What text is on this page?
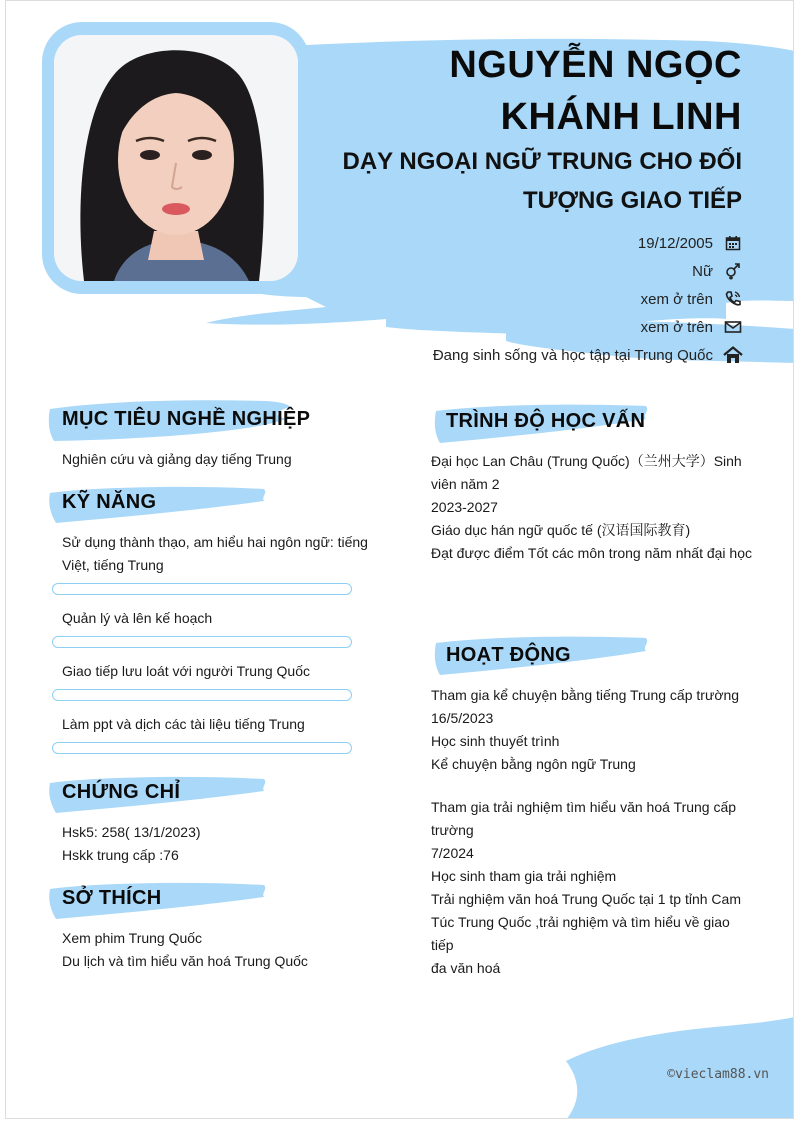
NGUYỄN NGỌC
KHÁNH LINH
DẠY NGOẠI NGỮ TRUNG CHO ĐỐI
TƯỢNG GIAO TIẾP
19/12/2005
Nữ
xem ở trên
xem ở trên
Đang sinh sống và học tập tại Trung Quốc
MỤC TIÊU NGHỀ NGHIỆP
Nghiên cứu và giảng dạy tiếng Trung
KỸ NĂNG
Sử dụng thành thạo, am hiểu hai ngôn ngữ: tiếng
Việt, tiếng Trung
Quản lý và lên kế hoạch
Giao tiếp lưu loát với người Trung Quốc
Làm ppt và dịch các tài liệu tiếng Trung
CHỨNG CHỈ
Hsk5: 258( 13/1/2023)
Hskk trung cấp :76
SỞ THÍCH
Xem phim Trung Quốc
Du lịch và tìm hiểu văn hoá Trung Quốc
TRÌNH ĐỘ HỌC VẤN
Đại học Lan Châu (Trung Quốc)（兰州大学）Sinh
viên năm 2
2023-2027
Giáo dục hán ngữ quốc tế (汉语国际教育)
Đạt được điểm Tốt các môn trong năm nhất đại học
HOẠT ĐỘNG
Tham gia kể chuyện bằng tiếng Trung cấp trường
16/5/2023
Học sinh thuyết trình
Kể chuyện bằng ngôn ngữ Trung
Tham gia trải nghiệm tìm hiểu văn hoá Trung cấp
trường
7/2024
Học sinh tham gia trải nghiệm
Trải nghiệm văn hoá Trung Quốc tại 1 tp tỉnh Cam
Túc Trung Quốc ,trải nghiệm và tìm hiểu về giao tiếp
đa văn hoá
©vieclam88.vn
